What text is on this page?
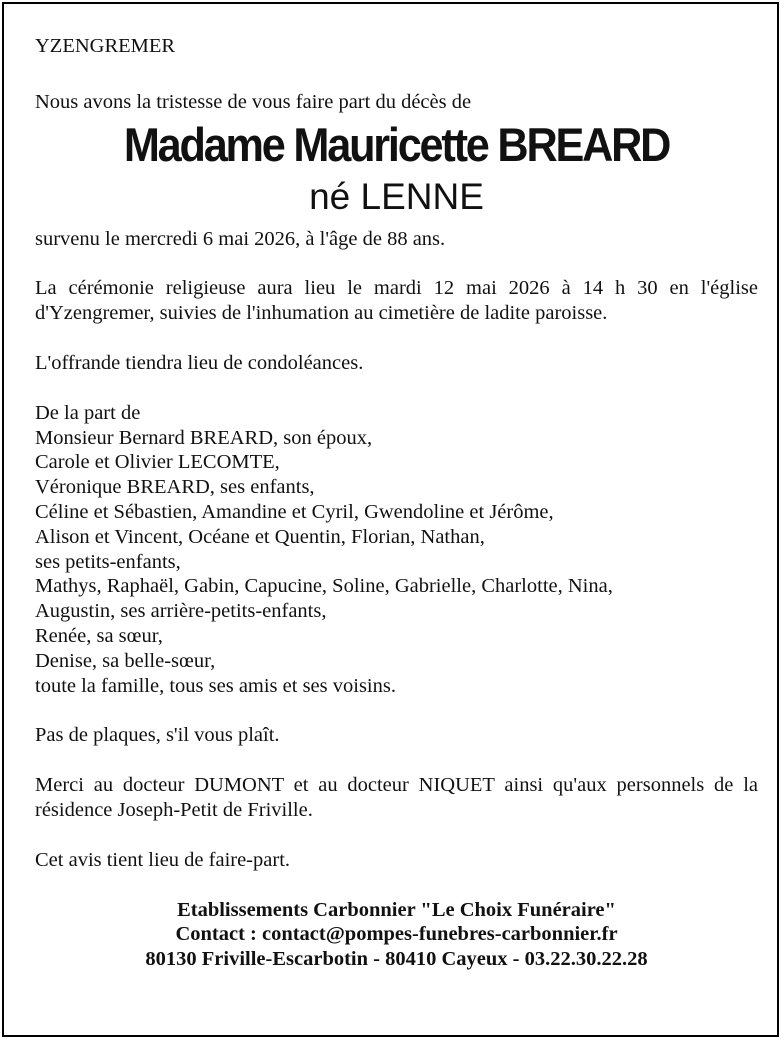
YZENGREMER

Nous avons la tristesse de vous faire part du décès de

Madame Mauricette BREARD
né LENNE

survenu le mercredi 6 mai 2026, à l'âge de 88 ans.

La cérémonie religieuse aura lieu le mardi 12 mai 2026 à 14 h 30 en l'église d'Yzengremer, suivies de l'inhumation au cimetière de ladite paroisse.

L'offrande tiendra lieu de condoléances.

De la part de
Monsieur Bernard BREARD, son époux,
Carole et Olivier LECOMTE,
Véronique BREARD, ses enfants,
Céline et Sébastien, Amandine et Cyril, Gwendoline et Jérôme,
Alison et Vincent, Océane et Quentin, Florian, Nathan,
ses petits-enfants,
Mathys, Raphaël, Gabin, Capucine, Soline, Gabrielle, Charlotte, Nina,
Augustin, ses arrière-petits-enfants,
Renée, sa sœur,
Denise, sa belle-sœur,
toute la famille, tous ses amis et ses voisins.

Pas de plaques, s'il vous plaît.

Merci au docteur DUMONT et au docteur NIQUET ainsi qu'aux personnels de la résidence Joseph-Petit de Friville.

Cet avis tient lieu de faire-part.

Etablissements Carbonnier "Le Choix Funéraire"
Contact : contact@pompes-funebres-carbonnier.fr
80130 Friville-Escarbotin - 80410 Cayeux - 03.22.30.22.28
